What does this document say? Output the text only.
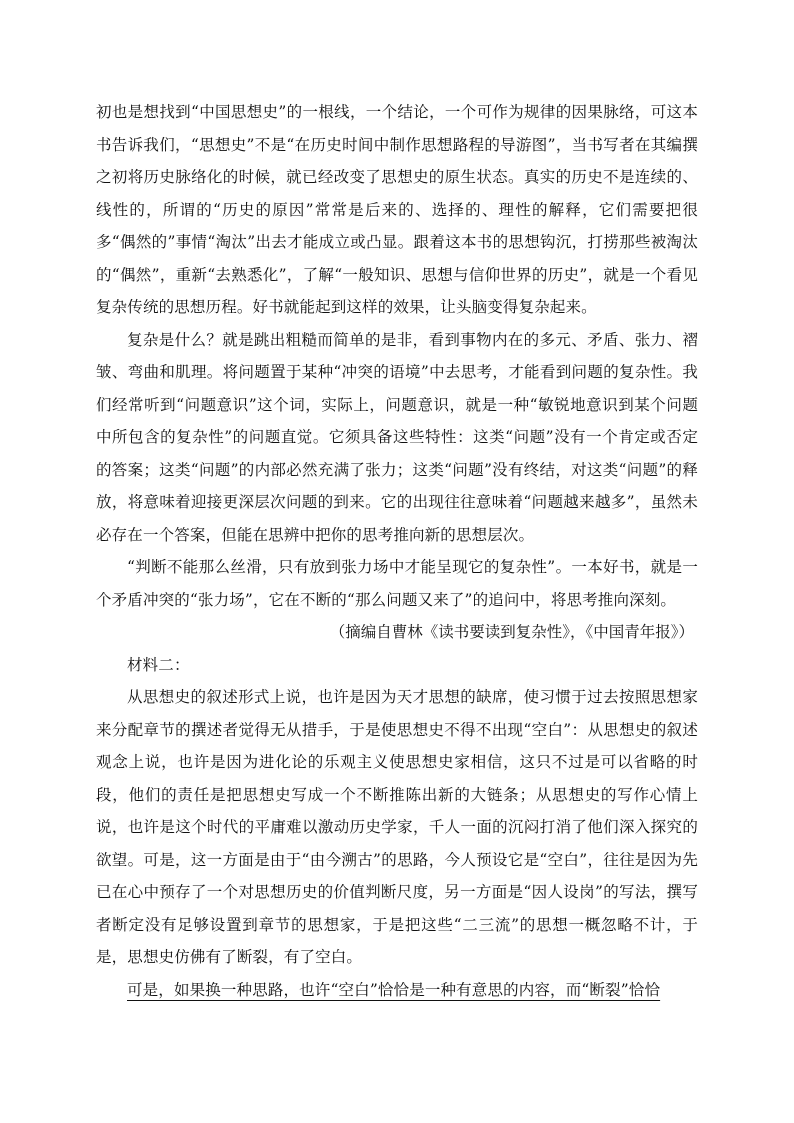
初也是想找到“中国思想史”的一根线，一个结论，一个可作为规律的因果脉络，可这本书告诉我们，“思想史”不是“在历史时间中制作思想路程的导游图”，当书写者在其编撰之初将历史脉络化的时候，就已经改变了思想史的原生状态。真实的历史不是连续的、线性的，所谓的“历史的原因”常常是后来的、选择的、理性的解释，它们需要把很多“偶然的”事情“淘汰”出去才能成立或凸显。跟着这本书的思想钩沉，打捞那些被淘汰的“偶然”，重新“去熟悉化”，了解“一般知识、思想与信仰世界的历史”，就是一个看见复杂传统的思想历程。好书就能起到这样的效果，让头脑变得复杂起来。

复杂是什么？就是跳出粗糙而简单的是非，看到事物内在的多元、矛盾、张力、褶皱、弯曲和肌理。将问题置于某种“冲突的语境”中去思考，才能看到问题的复杂性。我们经常听到“问题意识”这个词，实际上，问题意识，就是一种“敏锐地意识到某个问题中所包含的复杂性”的问题直觉。它须具备这些特性：这类“问题”没有一个肯定或否定的答案；这类“问题”的内部必然充满了张力；这类“问题”没有终结，对这类“问题”的释放，将意味着迎接更深层次问题的到来。它的出现往往意味着“问题越来越多”，虽然未必存在一个答案，但能在思辨中把你的思考推向新的思想层次。

“判断不能那么丝滑，只有放到张力场中才能呈现它的复杂性”。一本好书，就是一个矛盾冲突的“张力场”，它在不断的“那么问题又来了”的追问中，将思考推向深刻。

（摘编自曹林《读书要读到复杂性》，《中国青年报》）

材料二：

从思想史的叙述形式上说，也许是因为天才思想的缺席，使习惯于过去按照思想家来分配章节的撰述者觉得无从措手，于是使思想史不得不出现“空白”：从思想史的叙述观念上说，也许是因为进化论的乐观主义使思想史家相信，这只不过是可以省略的时段，他们的责任是把思想史写成一个不断推陈出新的大链条；从思想史的写作心情上说，也许是这个时代的平庸难以激动历史学家，千人一面的沉闷打消了他们深入探究的欲望。可是，这一方面是由于“由今溯古”的思路，今人预设它是“空白”，往往是因为先已在心中预存了一个对思想历史的价值判断尺度，另一方面是“因人设岗”的写法，撰写者断定没有足够设置到章节的思想家，于是把这些“二三流”的思想一概忽略不计，于是，思想史仿佛有了断裂，有了空白。

可是，如果换一种思路，也许“空白”恰恰是一种有意思的内容，而“断裂”恰恰
